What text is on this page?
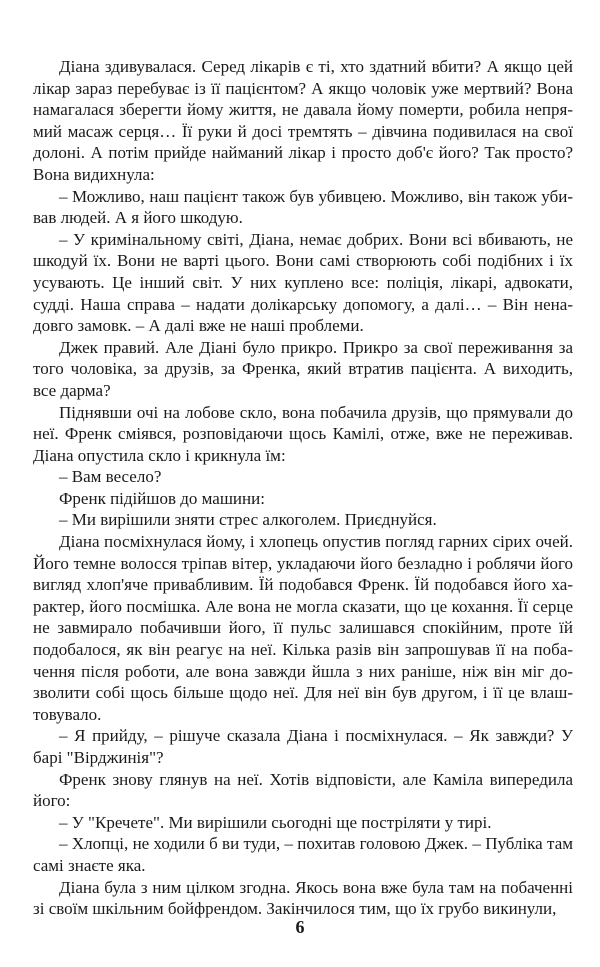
Діана здивувалася. Серед лікарів є ті, хто здатний вбити? А якщо цей лікар зараз перебуває із її пацієнтом? А якщо чоловік уже мертвий? Вона намагалася зберегти йому життя, не давала йому померти, робила непрямий масаж серця… Її руки й досі тремтять – дівчина подивилася на свої долоні. А потім прийде найманий лікар і просто доб'є його? Так просто? Вона видихнула:

– Можливо, наш пацієнт також був убивцею. Можливо, він також убивав людей. А я його шкодую.

– У кримінальному світі, Діана, немає добрих. Вони всі вбивають, не шкодуй їх. Вони не варті цього. Вони самі створюють собі подібних і їх усувають. Це інший світ. У них куплено все: поліція, лікарі, адвокати, судді. Наша справа – надати долікарську допомогу, а далі… – Він ненадовго замовк. – А далі вже не наші проблеми.

Джек правий. Але Діані було прикро. Прикро за свої переживання за того чоловіка, за друзів, за Френка, який втратив пацієнта. А виходить, все дарма?

Піднявши очі на лобове скло, вона побачила друзів, що прямували до неї. Френк сміявся, розповідаючи щось Камілі, отже, вже не переживав. Діана опустила скло і крикнула їм:

– Вам весело?

Френк підійшов до машини:

– Ми вирішили зняти стрес алкоголем. Приєднуйся.

Діана посміхнулася йому, і хлопець опустив погляд гарних сірих очей. Його темне волосся тріпав вітер, укладаючи його безладно і роблячи його вигляд хлоп'яче привабливим. Їй подобався Френк. Їй подобався його характер, його посмішка. Але вона не могла сказати, що це кохання. Її серце не завмирало побачивши його, її пульс залишався спокійним, проте їй подобалося, як він реагує на неї. Кілька разів він запрошував її на побачення після роботи, але вона завжди йшла з них раніше, ніж він міг дозволити собі щось більше щодо неї. Для неї він був другом, і її це влаштовувало.

– Я прийду, – рішуче сказала Діана і посміхнулася. – Як завжди? У барі "Вірджинія"?

Френк знову глянув на неї. Хотів відповісти, але Каміла випередила його:

– У "Кречете". Ми вирішили сьогодні ще постріляти у тирі.

– Хлопці, не ходили б ви туди, – похитав головою Джек. – Публіка там самі знаєте яка.

Діана була з ним цілком згодна. Якось вона вже була там на побаченні зі своїм шкільним бойфрендом. Закінчилося тим, що їх грубо викинули,

6
